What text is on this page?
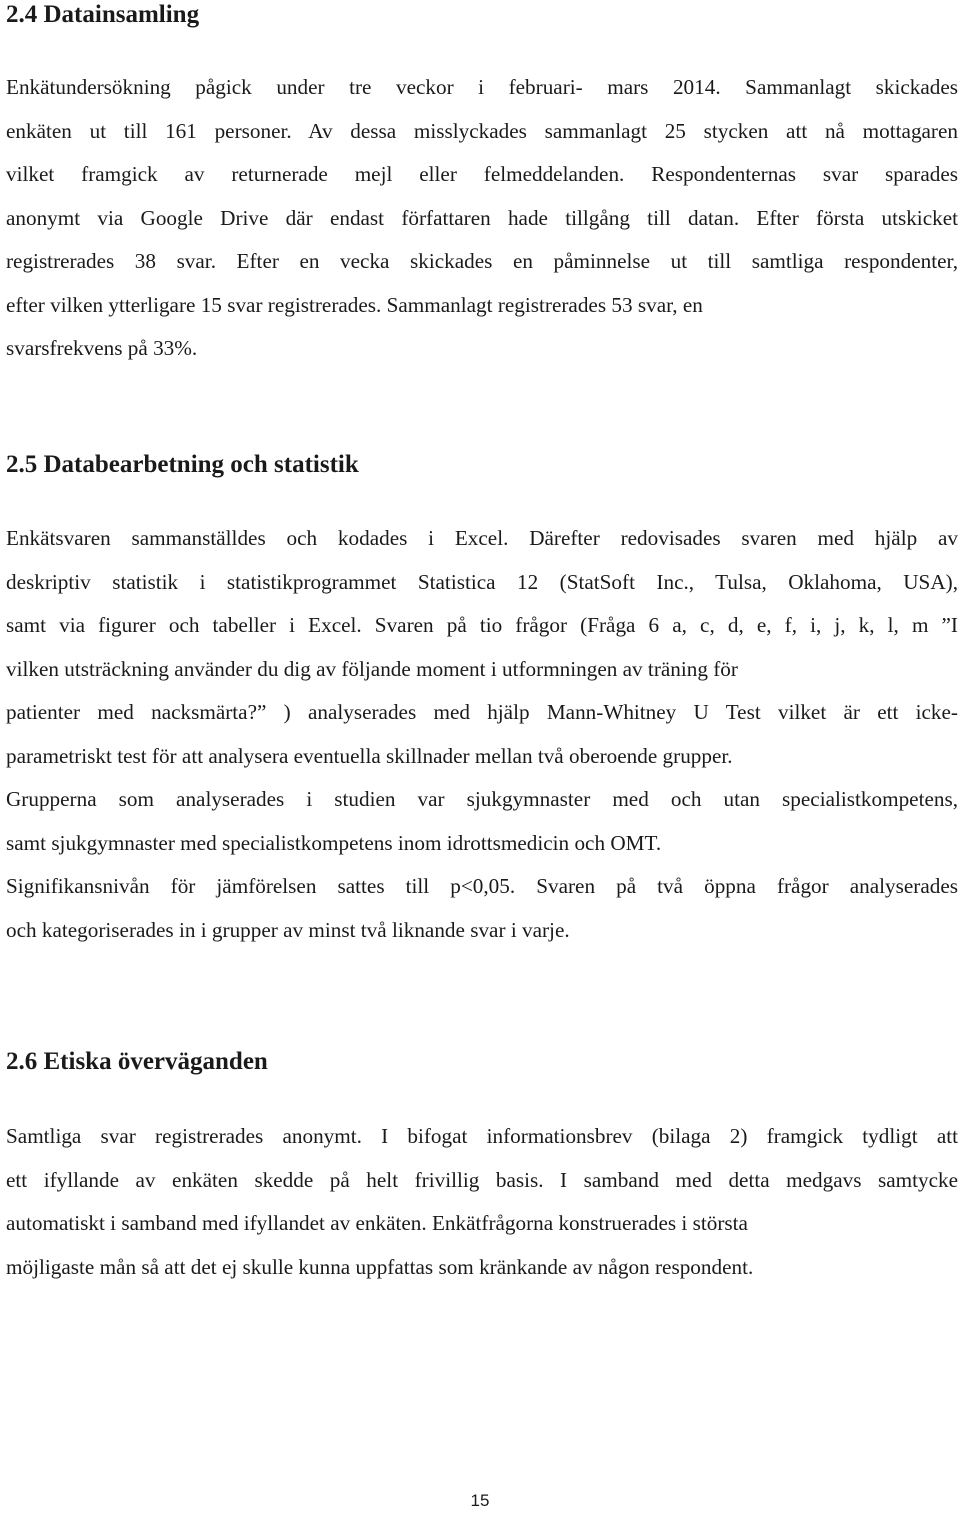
2.4 Datainsamling
Enkätundersökning pågick under tre veckor i februari- mars 2014. Sammanlagt skickades
enkäten ut till 161 personer. Av dessa misslyckades sammanlagt 25 stycken att nå mottagaren
vilket framgick av returnerade mejl eller felmeddelanden. Respondenternas svar sparades
anonymt via Google Drive där endast författaren hade tillgång till datan. Efter första utskicket
registrerades 38 svar. Efter en vecka skickades en påminnelse ut till samtliga respondenter,
efter vilken ytterligare 15 svar registrerades. Sammanlagt registrerades 53 svar, en
svarsfrekvens på 33%.
2.5 Databearbetning och statistik
Enkätsvaren sammanställdes och kodades i Excel. Därefter redovisades svaren med hjälp av
deskriptiv statistik i statistikprogrammet Statistica 12 (StatSoft Inc., Tulsa, Oklahoma, USA),
samt via figurer och tabeller i Excel. Svaren på tio frågor (Fråga 6 a, c, d, e, f, i, j, k, l, m ”I
vilken utsträckning använder du dig av följande moment i utformningen av träning för
patienter med nacksmärta?” ) analyserades med hjälp Mann-Whitney U Test vilket är ett icke-
parametriskt test för att analysera eventuella skillnader mellan två oberoende grupper.
Grupperna som analyserades i studien var sjukgymnaster med och utan specialistkompetens,
samt sjukgymnaster med specialistkompetens inom idrottsmedicin och OMT.
Signifikansnivån för jämförelsen sattes till p<0,05. Svaren på två öppna frågor analyserades
och kategoriserades in i grupper av minst två liknande svar i varje.
2.6 Etiska överväganden
Samtliga svar registrerades anonymt. I bifogat informationsbrev (bilaga 2) framgick tydligt att
ett ifyllande av enkäten skedde på helt frivillig basis. I samband med detta medgavs samtycke
automatiskt i samband med ifyllandet av enkäten. Enkätfrågorna konstruerades i största
möjligaste mån så att det ej skulle kunna uppfattas som kränkande av någon respondent.
15
